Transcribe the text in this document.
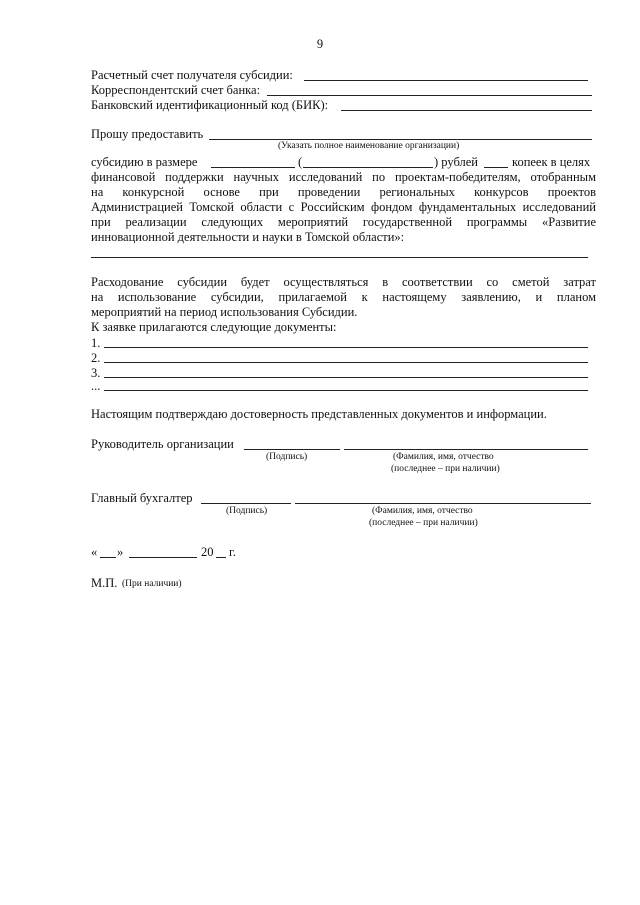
9
Расчетный счет получателя субсидии:
Корреспондентский счет банка:
Банковский идентификационный код (БИК):
Прошу предоставить
(Указать полное наименование организации)
субсидию в размере	(	) рублей	копеек в целях
финансовой поддержки научных исследований по проектам-победителям, отобранным
на конкурсной основе при проведении региональных конкурсов проектов
Администрацией Томской области с Российским фондом фундаментальных исследований
при реализации следующих мероприятий государственной программы «Развитие
инновационной деятельности и науки в Томской области»:
Расходование субсидии будет осуществляться в соответствии со сметой затрат
на использование субсидии, прилагаемой к настоящему заявлению, и планом
мероприятий на период использования Субсидии.
К заявке прилагаются следующие документы:
1.
2.
3.
...
Настоящим подтверждаю достоверность представленных документов и информации.
Руководитель организации
(Подпись)	(Фамилия, имя, отчество
(последнее – при наличии)
Главный бухгалтер
(Подпись)	(Фамилия, имя, отчество
(последнее – при наличии)
« »	20 г.
М.П. (При наличии)
